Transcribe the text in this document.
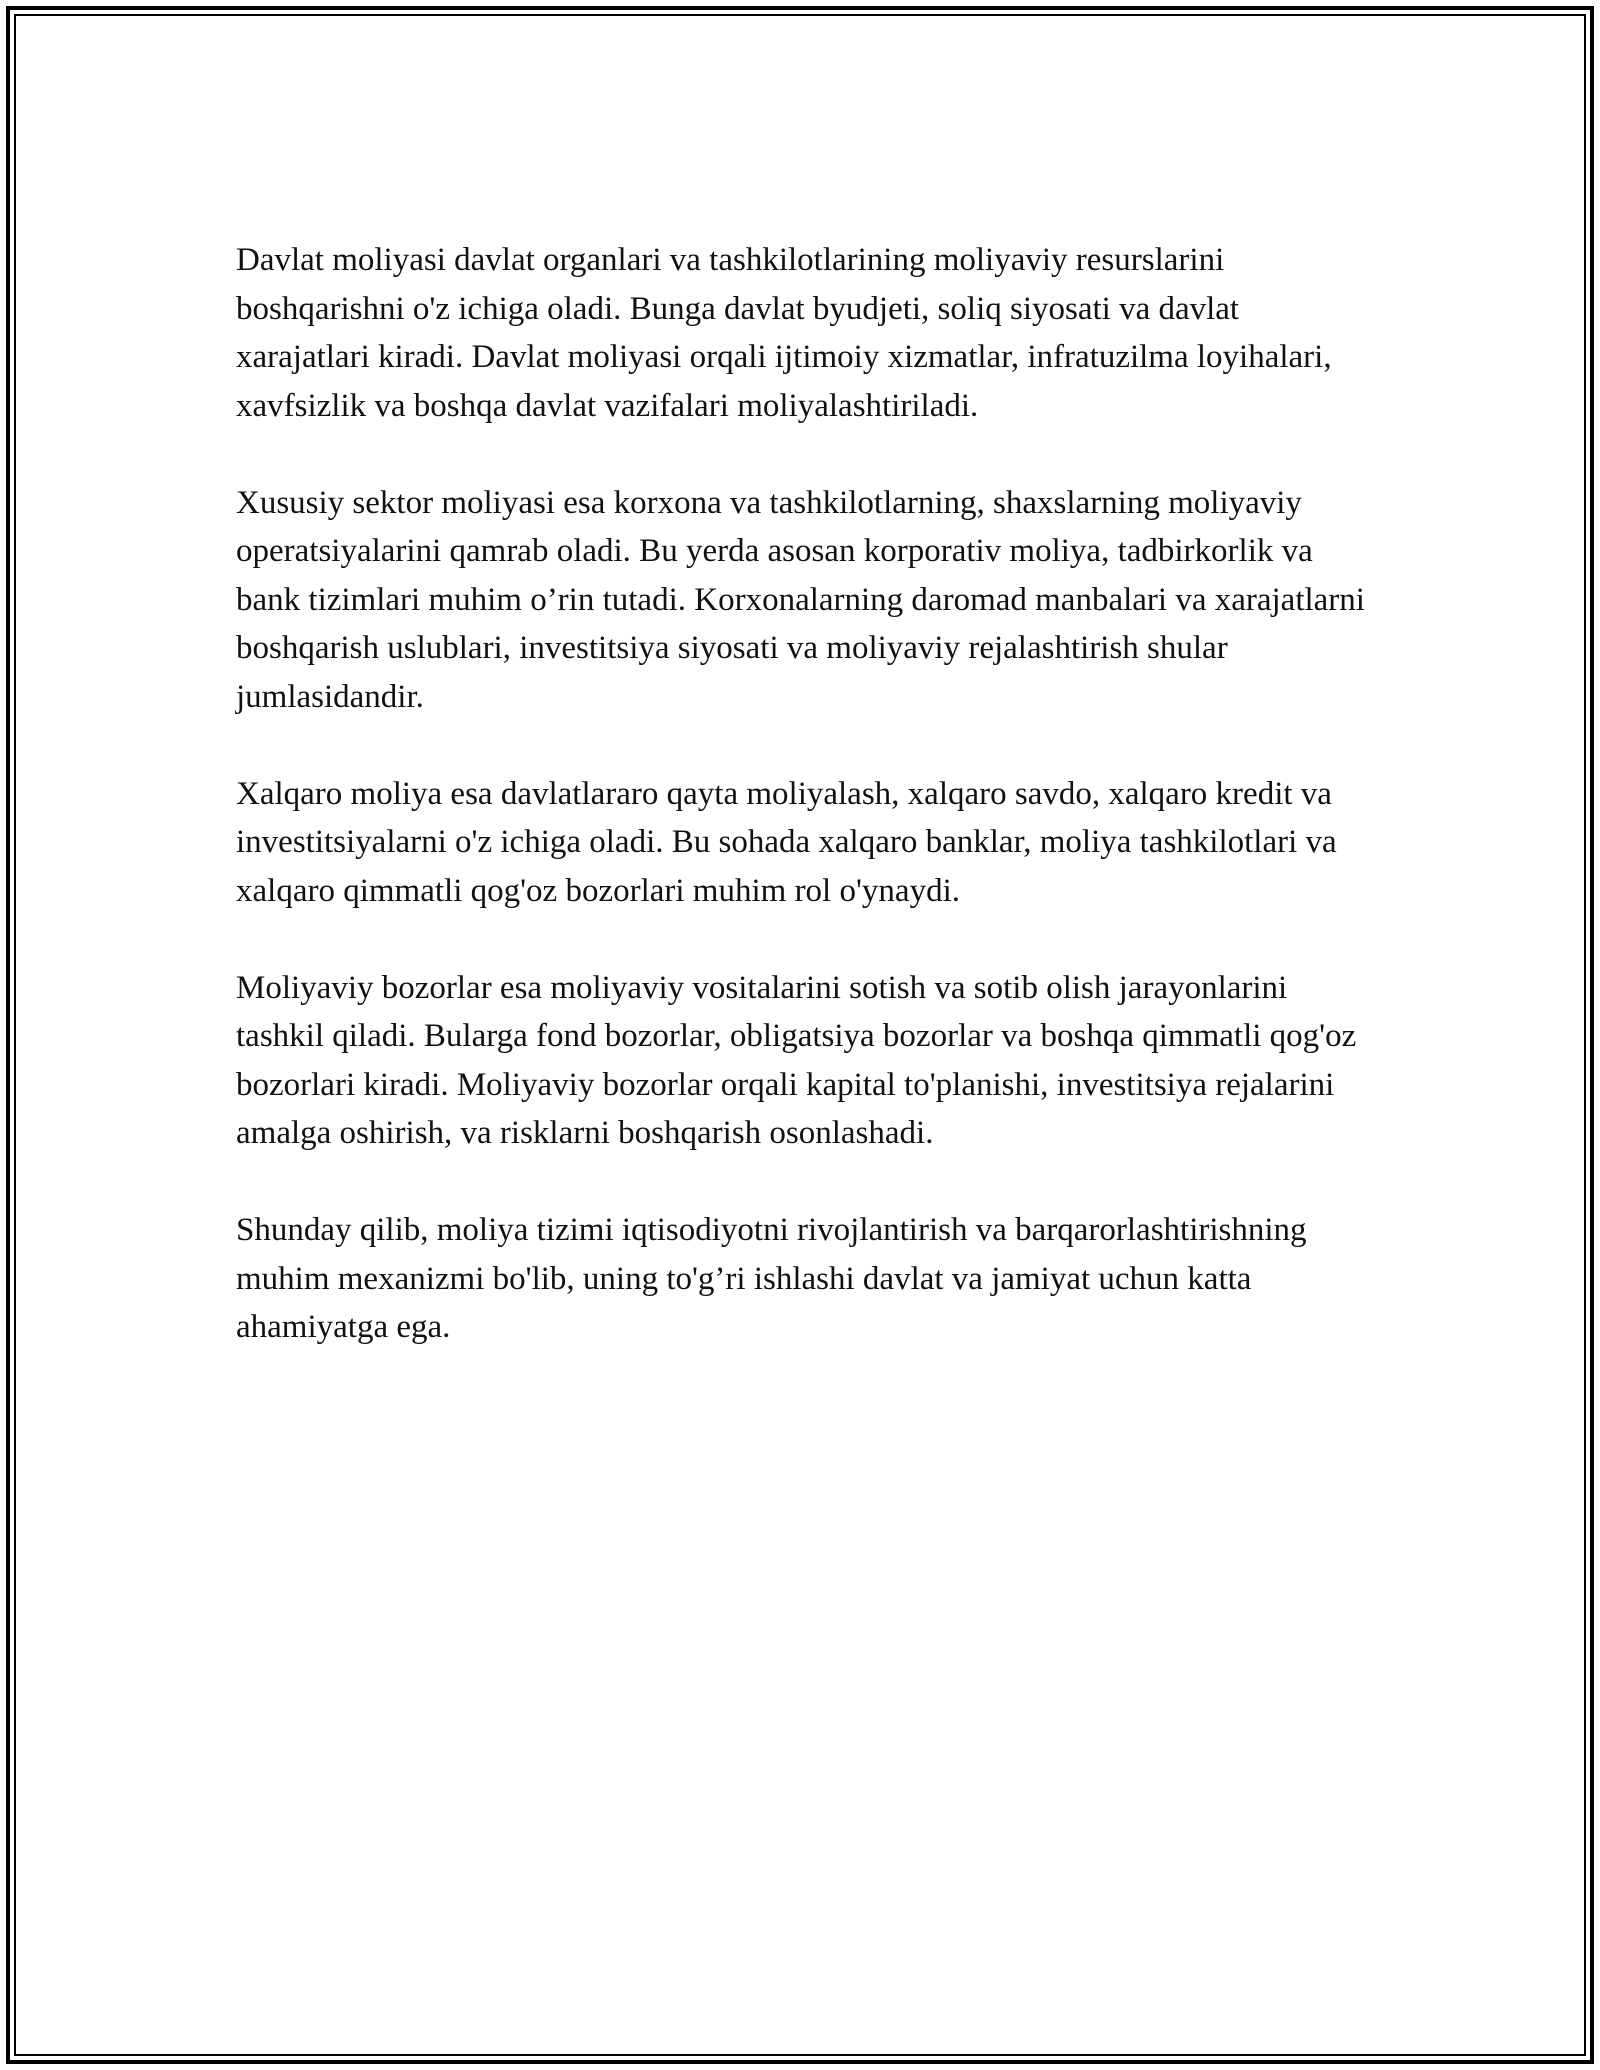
Davlat moliyasi davlat organlari va tashkilotlarining moliyaviy resurslarini boshqarishni o'z ichiga oladi. Bunga davlat byudjeti, soliq siyosati va davlat xarajatlari kiradi. Davlat moliyasi orqali ijtimoiy xizmatlar, infratuzilma loyihalari, xavfsizlik va boshqa davlat vazifalari moliyalashtiriladi.

Xususiy sektor moliyasi esa korxona va tashkilotlarning, shaxslarning moliyaviy operatsiyalarini qamrab oladi. Bu yerda asosan korporativ moliya, tadbirkorlik va bank tizimlari muhim o’rin tutadi. Korxonalarning daromad manbalari va xarajatlarni boshqarish uslublari, investitsiya siyosati va moliyaviy rejalashtirish shular jumlasidandir.

Xalqaro moliya esa davlatlararo qayta moliyalash, xalqaro savdo, xalqaro kredit va investitsiyalarni o'z ichiga oladi. Bu sohada xalqaro banklar, moliya tashkilotlari va xalqaro qimmatli qog'oz bozorlari muhim rol o'ynaydi.

Moliyaviy bozorlar esa moliyaviy vositalarini sotish va sotib olish jarayonlarini tashkil qiladi. Bularga fond bozorlar, obligatsiya bozorlar va boshqa qimmatli qog'oz bozorlari kiradi. Moliyaviy bozorlar orqali kapital to'planishi, investitsiya rejalarini amalga oshirish, va risklarni boshqarish osonlashadi.

Shunday qilib, moliya tizimi iqtisodiyotni rivojlantirish va barqarorlashtirishning muhim mexanizmi bo'lib, uning to'g’ri ishlashi davlat va jamiyat uchun katta ahamiyatga ega.
